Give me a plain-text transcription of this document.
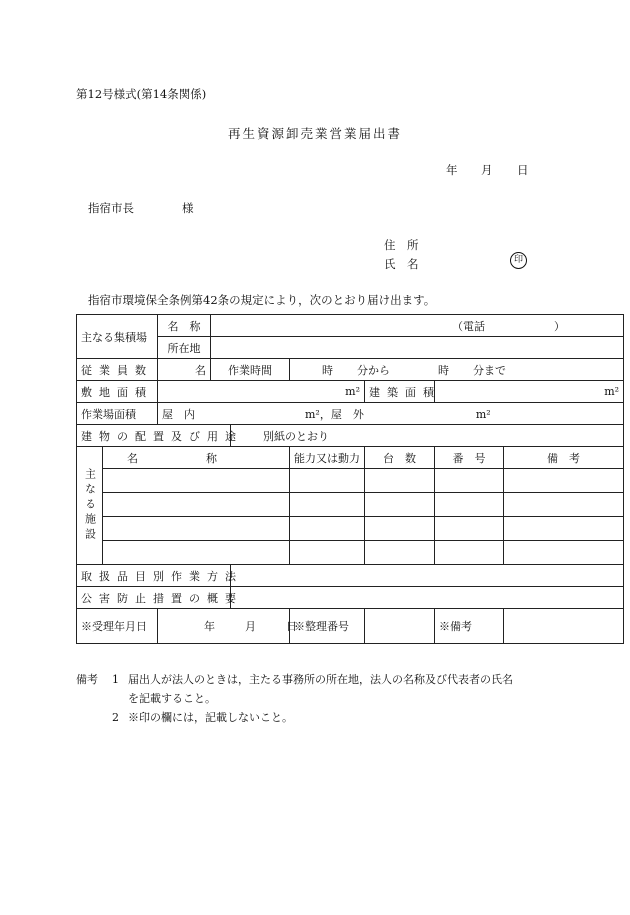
第12号様式(第14条関係)
再生資源卸売業営業届出書
年 月 日
指宿市長	様
住　所
氏　名	印
指宿市環境保全条例第42条の規定により，次のとおり届け出ます。
主なる集積場		名　称	（電話 ）					
		所在地						
従業員数		名	作業時間		時 分から 時 分まで			
敷地面積		m²				建築面積	m²	
作業場面積		屋　内 m²，屋　外 m²						
建物の配置及び用途				別紙のとおり				

主なる施設	名 称				能力又は動力	台　数	番　号	備　考

取扱品目別作業方法								
公害防止措置の概要								
※受理年月日		年 月 日			※整理番号		※備考	
備考	1 届出人が法人のときは，主たる事務所の所在地，法人の名称及び代表者の氏名
を記載すること。
2 ※印の欄には，記載しないこと。
